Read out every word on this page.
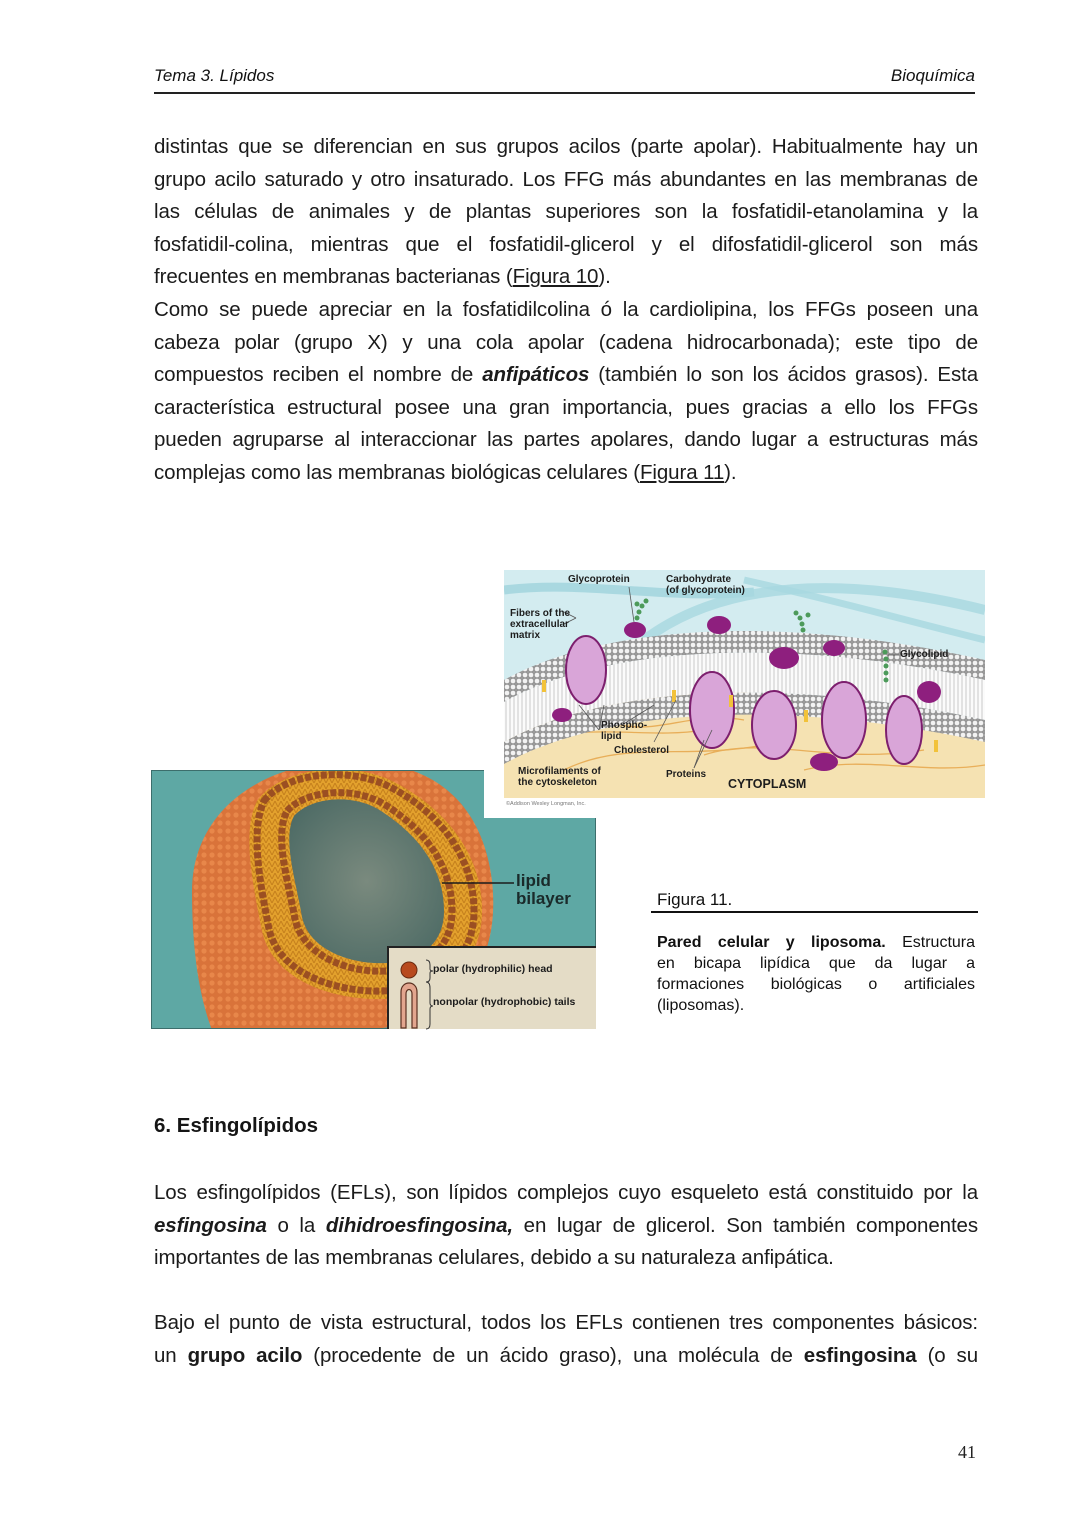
Tema 3. Lípidos	Bioquímica
distintas que se diferencian en sus grupos acilos (parte apolar). Habitualmente hay un
grupo acilo saturado y otro insaturado. Los FFG más abundantes en las membranas de
las células de animales y de plantas superiores son la fosfatidil-etanolamina y la
fosfatidil-colina, mientras que el fosfatidil-glicerol y el difosfatidil-glicerol son más
frecuentes en membranas bacterianas (Figura 10).
Como se puede apreciar en la fosfatidilcolina ó la cardiolipina, los FFGs poseen una
cabeza polar (grupo X) y una cola apolar (cadena hidrocarbonada); este tipo de
compuestos reciben el nombre de anfipáticos (también lo son los ácidos grasos). Esta
característica estructural posee una gran importancia, pues gracias a ello los FFGs
pueden agruparse al interaccionar las partes apolares, dando lugar a estructuras más
complejas como las membranas biológicas celulares (Figura 11).
lipid
bilayer
polar (hydrophilic) head
nonpolar (hydrophobic) tails
Glycoprotein	Carbohydrate
(of glycoprotein)
Fibers of the
extracellular
matrix
Glycolipid
Phospho-
lipid
Cholesterol
Microfilaments of
the cytoskeleton
Proteins
CYTOPLASM
©Addison Wesley Longman, Inc.
Figura 11.
Pared celular y liposoma. Estructura
en bicapa lipídica que da lugar a
formaciones biológicas o artificiales
(liposomas).
6. Esfingolípidos
Los esfingolípidos (EFLs), son lípidos complejos cuyo esqueleto está constituido por la
esfingosina o la dihidroesfingosina, en lugar de glicerol. Son también componentes
importantes de las membranas celulares, debido a su naturaleza anfipática.
Bajo el punto de vista estructural, todos los EFLs contienen tres componentes básicos:
un grupo acilo (procedente de un ácido graso), una molécula de esfingosina (o su
41
